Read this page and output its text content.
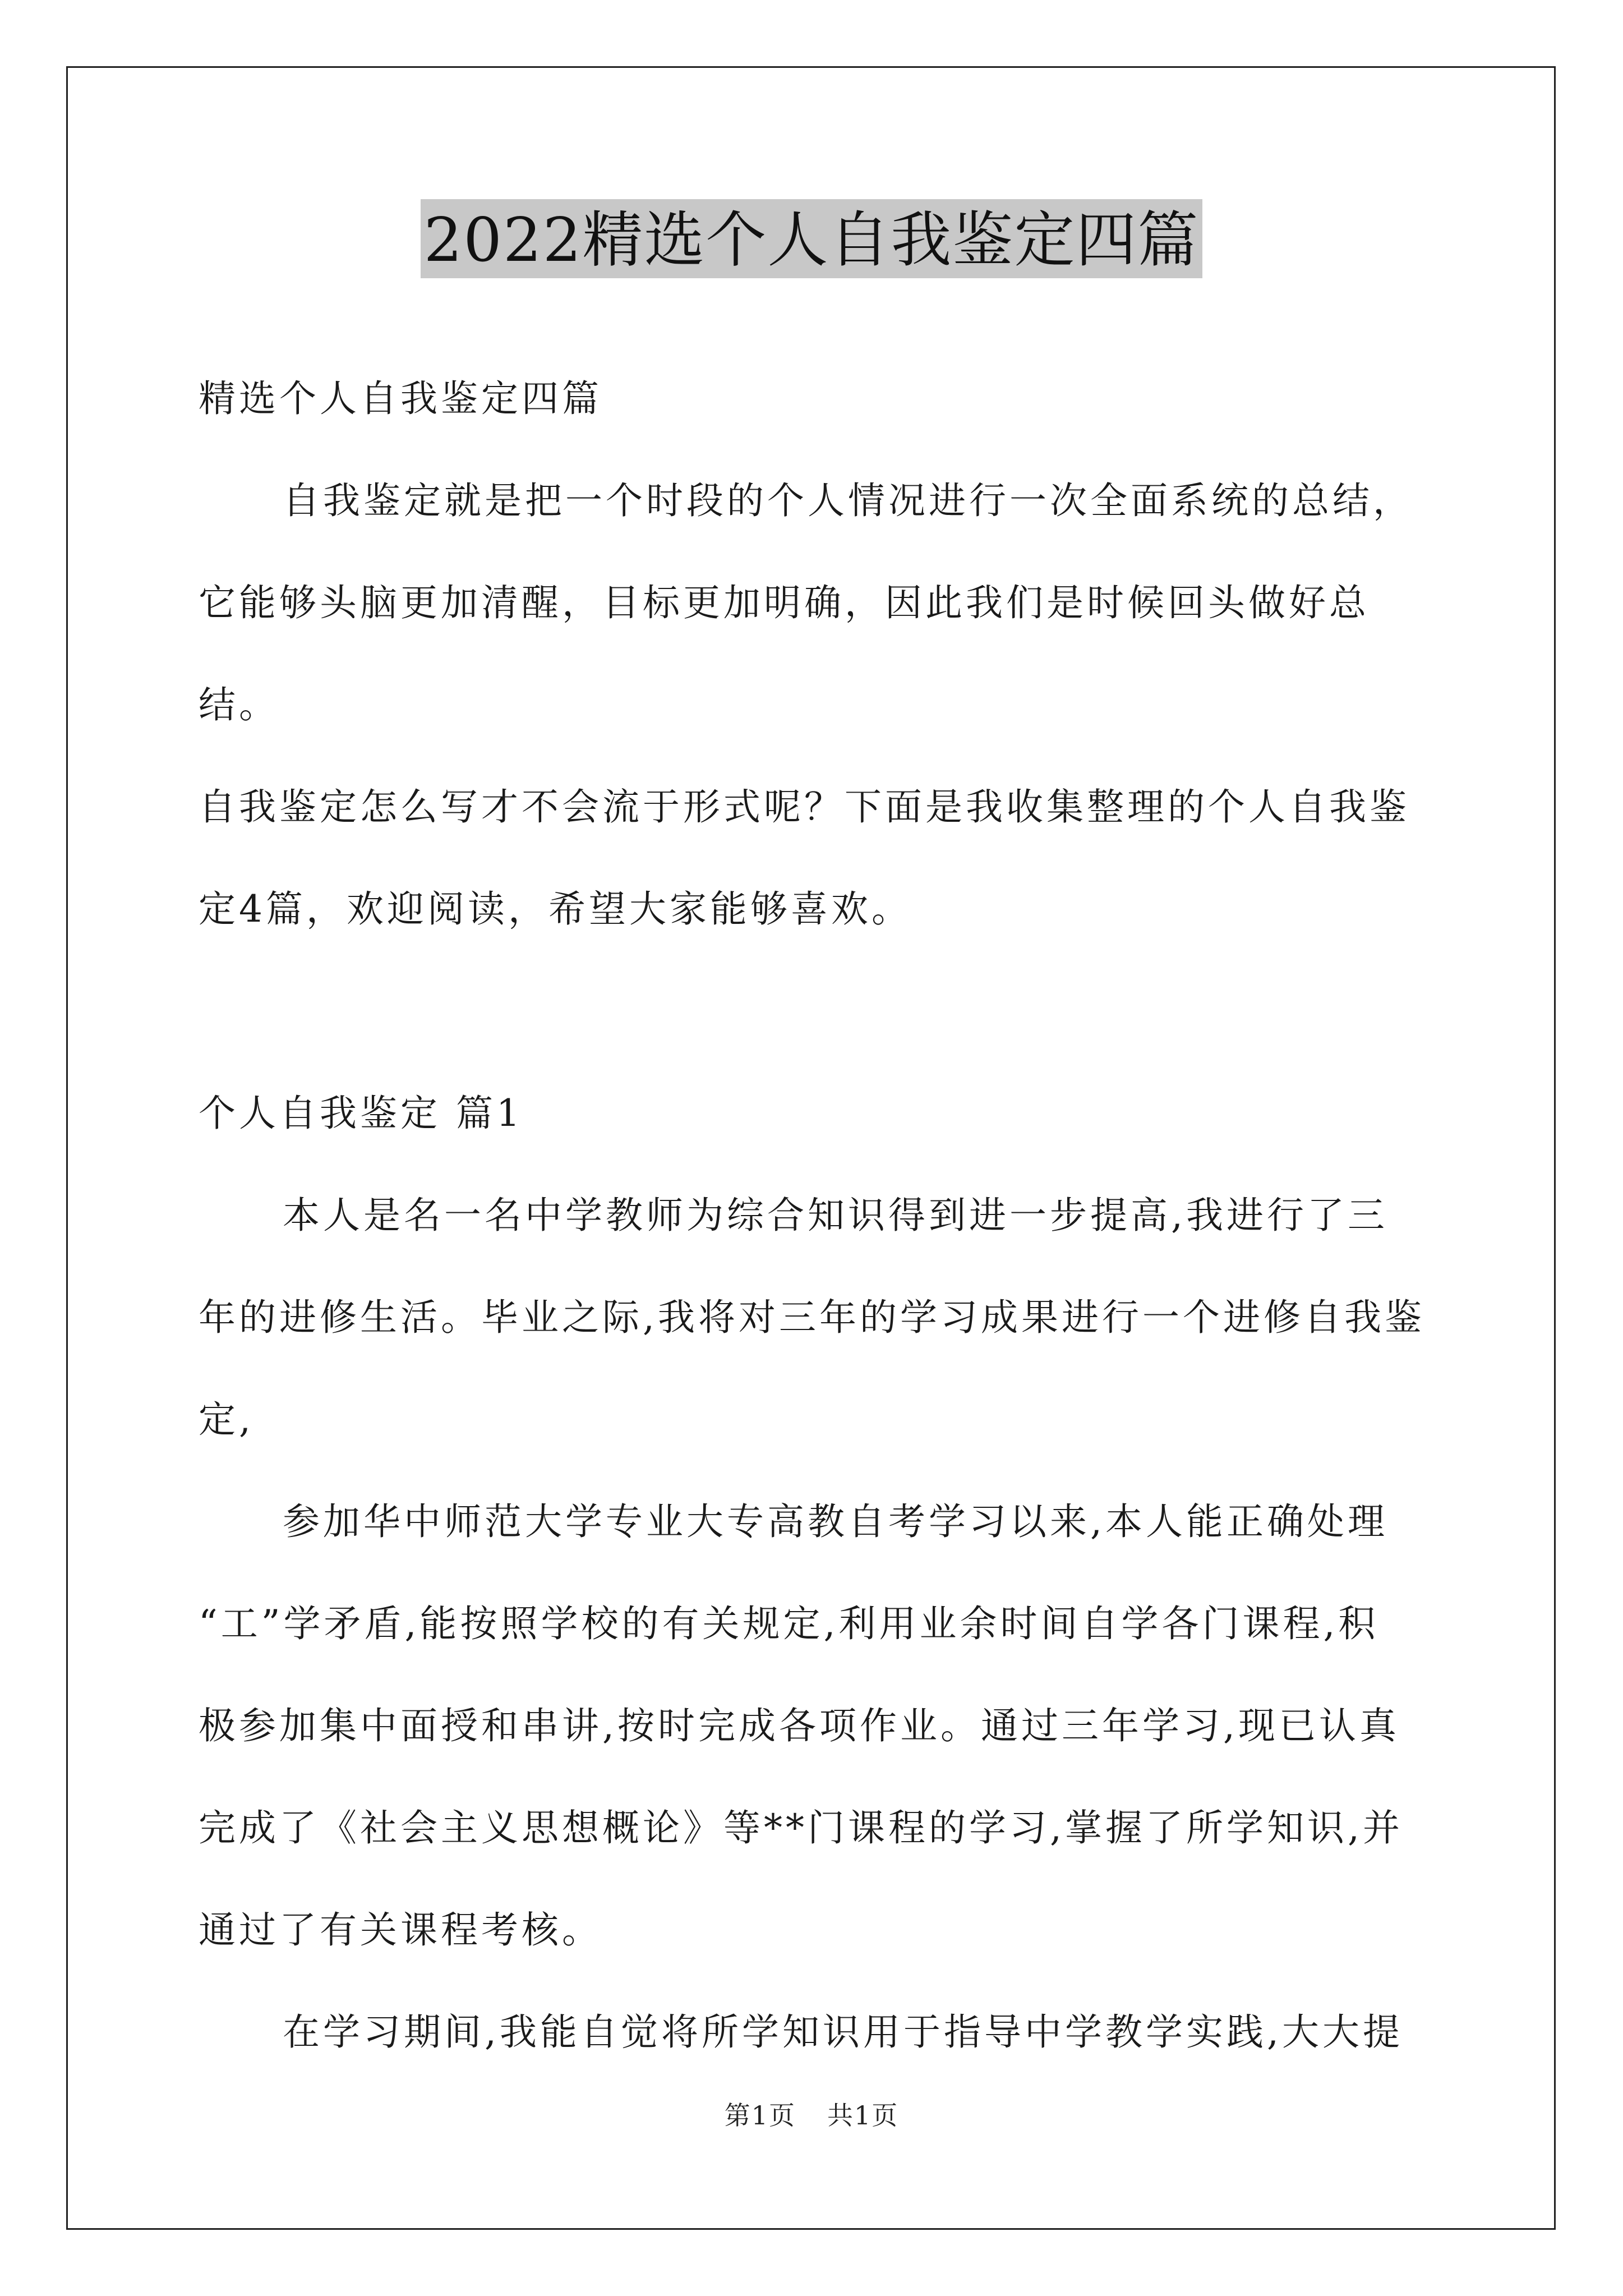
2022精选个人自我鉴定四篇

精选个人自我鉴定四篇

自我鉴定就是把一个时段的个人情况进行一次全面系统的总结，

它能够头脑更加清醒，目标更加明确，因此我们是时候回头做好总结。

自我鉴定怎么写才不会流于形式呢？下面是我收集整理的个人自我鉴

定4篇，欢迎阅读，希望大家能够喜欢。

个人自我鉴定 篇1

本人是名一名中学教师为综合知识得到进一步提高,我进行了三

年的进修生活。毕业之际,我将对三年的学习成果进行一个进修自我鉴

定,

参加华中师范大学专业大专高教自考学习以来,本人能正确处理

“工”学矛盾,能按照学校的有关规定,利用业余时间自学各门课程,积

极参加集中面授和串讲,按时完成各项作业。通过三年学习,现已认真

完成了《社会主义思想概论》等**门课程的学习,掌握了所学知识,并

通过了有关课程考核。

在学习期间,我能自觉将所学知识用于指导中学教学实践,大大提

第1页 共1页
